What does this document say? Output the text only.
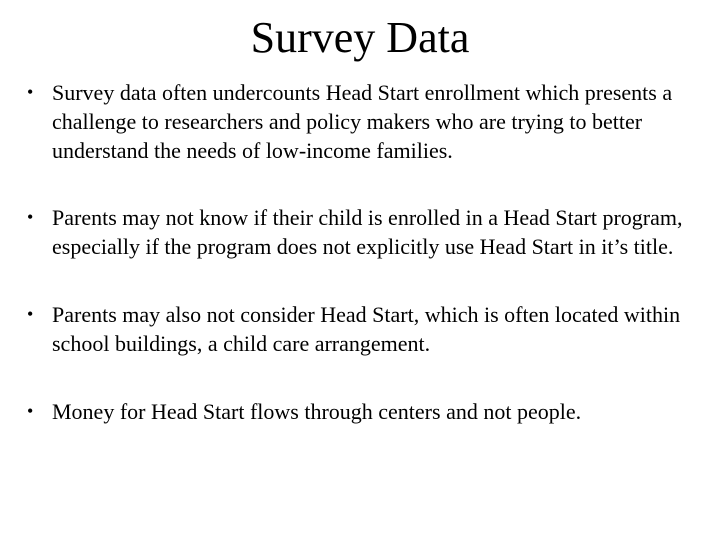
Survey Data
• Survey data often undercounts Head Start enrollment which presents a challenge to researchers and policy makers who are trying to better understand the needs of low-income families.
• Parents may not know if their child is enrolled in a Head Start program, especially if the program does not explicitly use Head Start in it’s title.
• Parents may also not consider Head Start, which is often located within school buildings, a child care arrangement.
• Money for Head Start flows through centers and not people.
